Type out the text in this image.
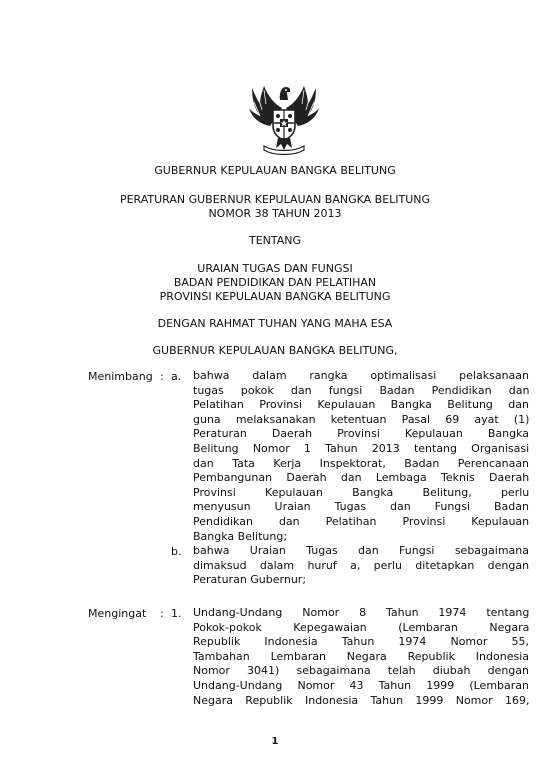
GUBERNUR KEPULAUAN BANGKA BELITUNG
PERATURAN GUBERNUR KEPULAUAN BANGKA BELITUNG
NOMOR 38 TAHUN 2013
TENTANG
URAIAN TUGAS DAN FUNGSI
BADAN PENDIDIKAN DAN PELATIHAN
PROVINSI KEPULAUAN BANGKA BELITUNG
DENGAN RAHMAT TUHAN YANG MAHA ESA
GUBERNUR KEPULAUAN BANGKA BELITUNG,
Menimbang : a. bahwa dalam rangka optimalisasi pelaksanaan
tugas pokok dan fungsi Badan Pendidikan dan
Pelatihan Provinsi Kepulauan Bangka Belitung dan
guna melaksanakan ketentuan Pasal 69 ayat (1)
Peraturan Daerah Provinsi Kepulauan Bangka
Belitung Nomor 1 Tahun 2013 tentang Organisasi
dan Tata Kerja Inspektorat, Badan Perencanaan
Pembangunan Daerah dan Lembaga Teknis Daerah
Provinsi Kepulauan Bangka Belitung, perlu
menyusun Uraian Tugas dan Fungsi Badan
Pendidikan dan Pelatihan Provinsi Kepulauan
Bangka Belitung;
b. bahwa Uraian Tugas dan Fungsi sebagaimana
dimaksud dalam huruf a, perlu ditetapkan dengan
Peraturan Gubernur;
Mengingat : 1. Undang-Undang Nomor 8 Tahun 1974 tentang
Pokok-pokok Kepegawaian (Lembaran Negara
Republik Indonesia Tahun 1974 Nomor 55,
Tambahan Lembaran Negara Republik Indonesia
Nomor 3041) sebagaimana telah diubah dengan
Undang-Undang Nomor 43 Tahun 1999 (Lembaran
Negara Republik Indonesia Tahun 1999 Nomor 169,
1
